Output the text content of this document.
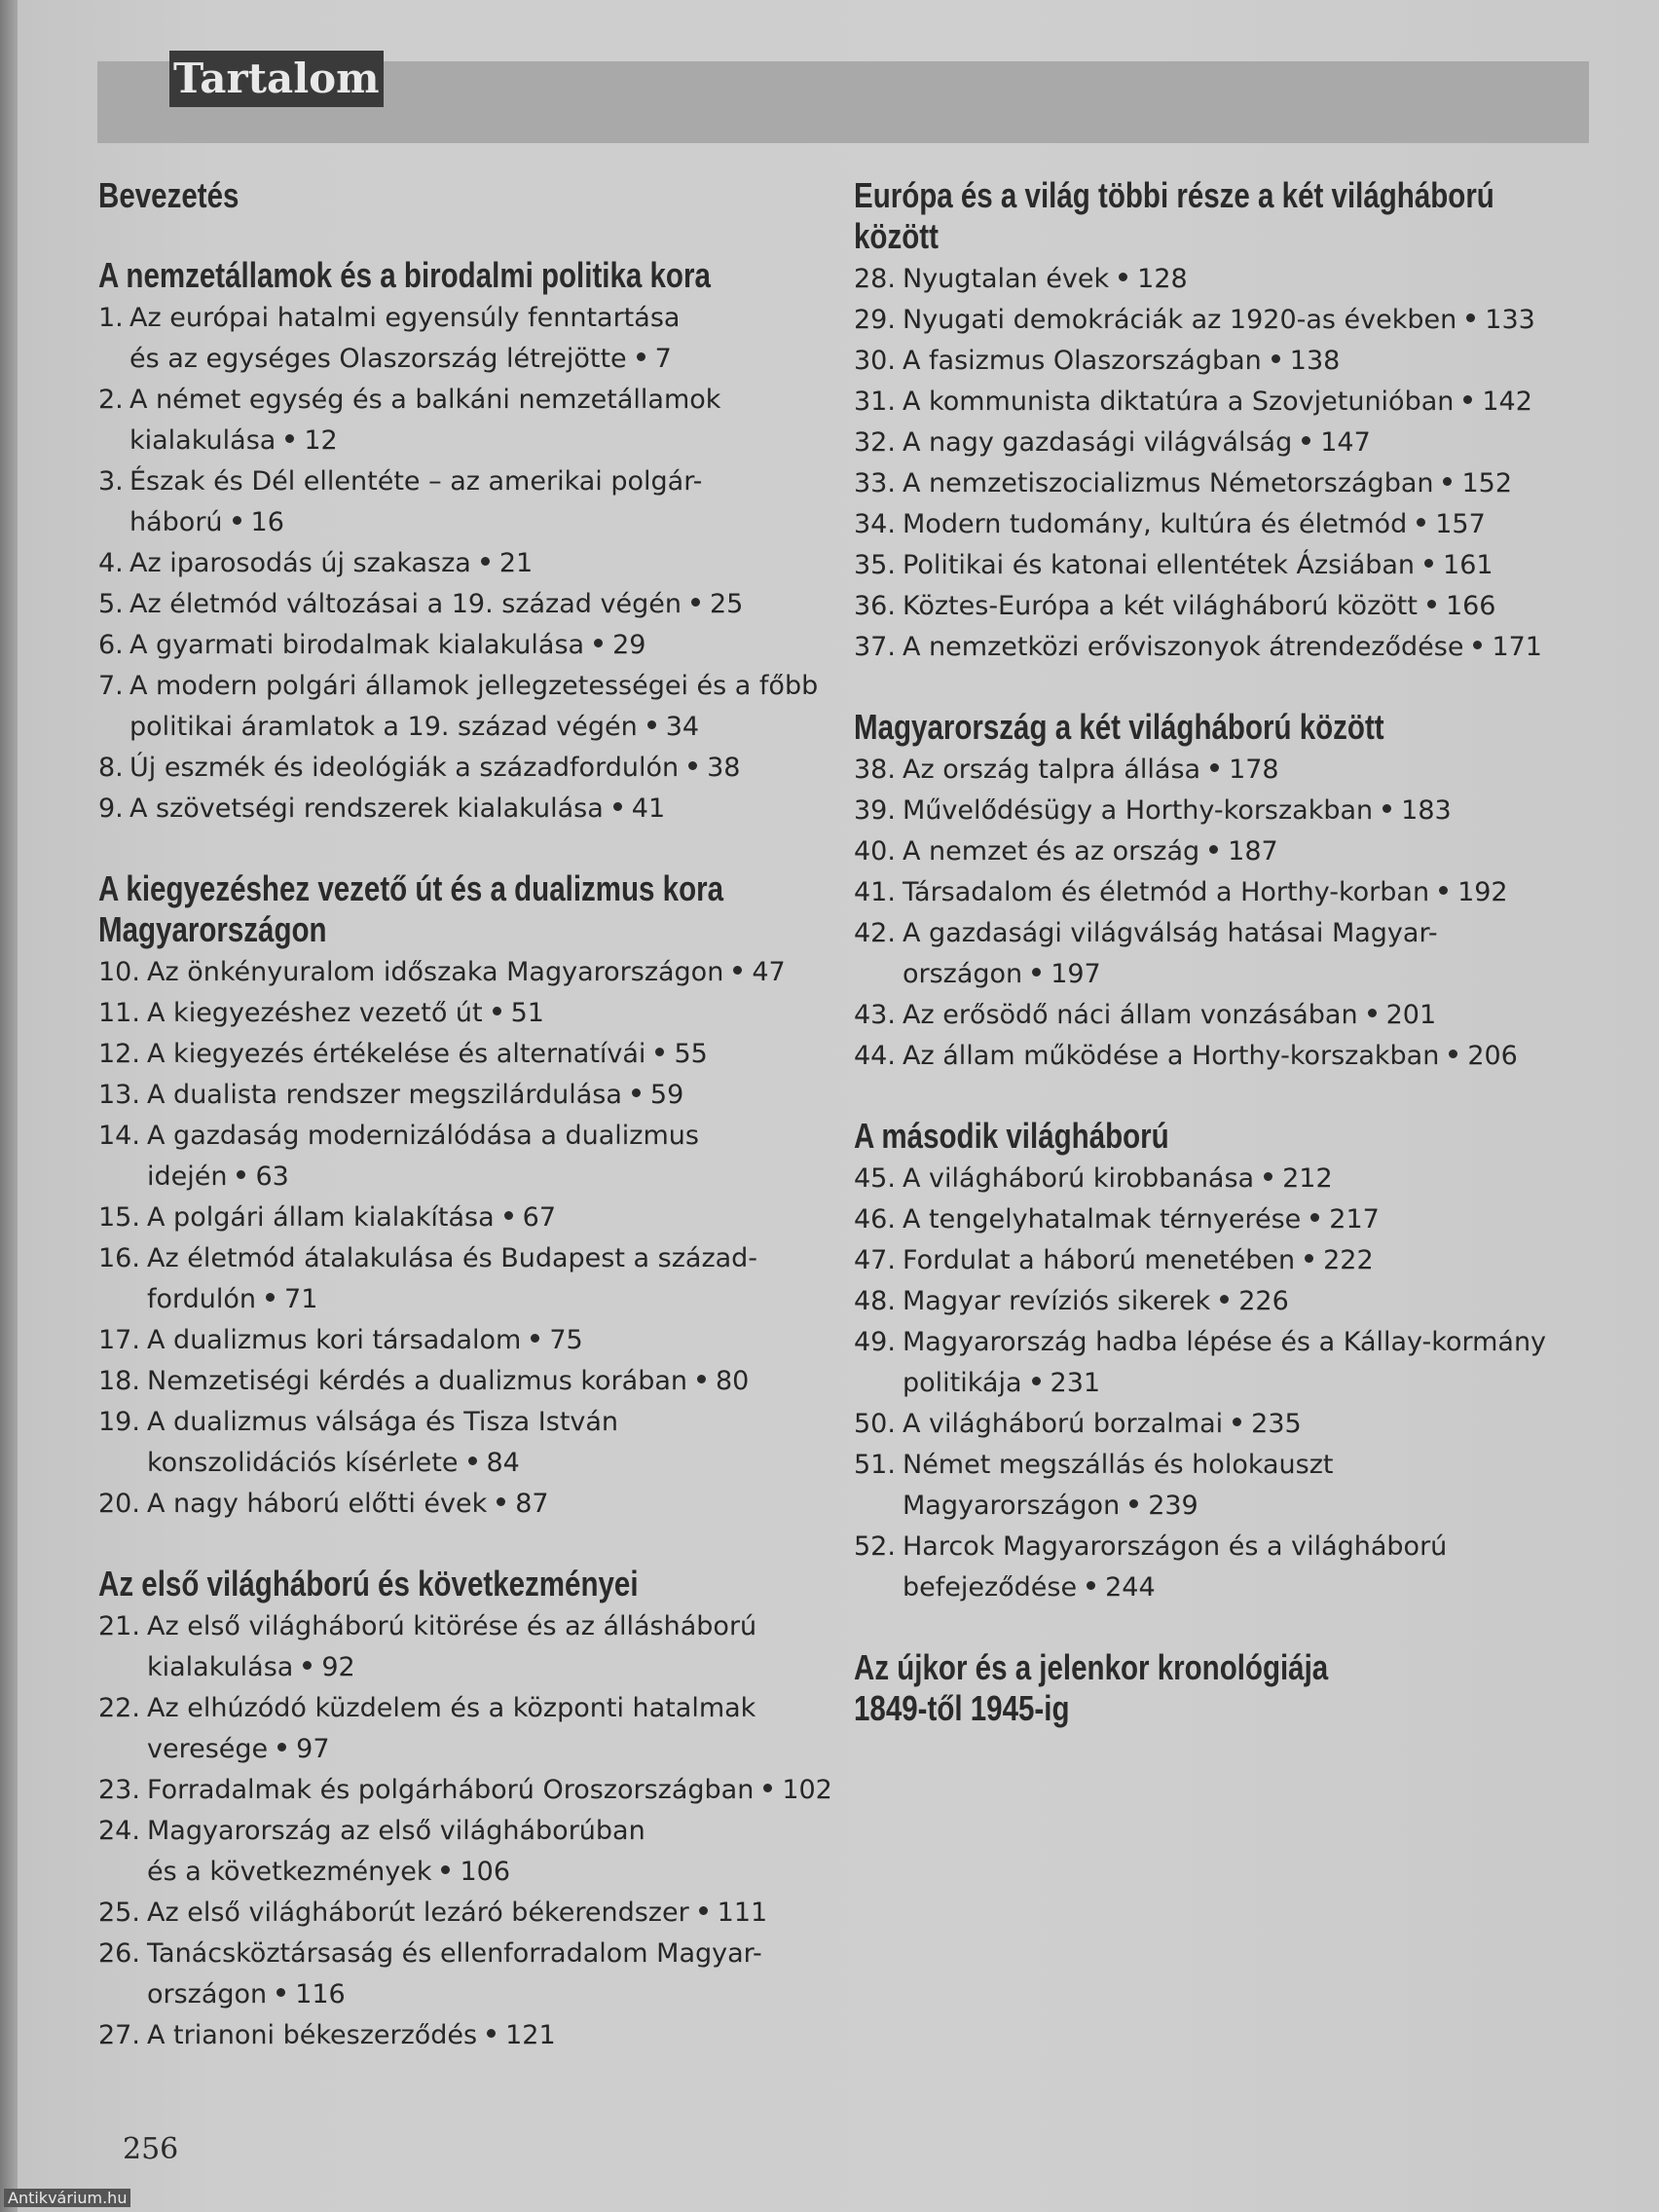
Tartalom
Bevezetés
A nemzetállamok és a birodalmi politika kora
1. Az európai hatalmi egyensúly fenntartása
és az egységes Olaszország létrejötte 7
2. A német egység és a balkáni nemzetállamok
kialakulása 12
3. Észak és Dél ellentéte – az amerikai polgár-
háború 16
4. Az iparosodás új szakasza 21
5. Az életmód változásai a 19. század végén 25
6. A gyarmati birodalmak kialakulása 29
7. A modern polgári államok jellegzetességei és a főbb
politikai áramlatok a 19. század végén 34
8. Új eszmék és ideológiák a századfordulón 38
9. A szövetségi rendszerek kialakulása 41
A kiegyezéshez vezető út és a dualizmus kora
Magyarországon
10. Az önkényuralom időszaka Magyarországon 47
11. A kiegyezéshez vezető út 51
12. A kiegyezés értékelése és alternatívái 55
13. A dualista rendszer megszilárdulása 59
14. A gazdaság modernizálódása a dualizmus
idején 63
15. A polgári állam kialakítása 67
16. Az életmód átalakulása és Budapest a század-
fordulón 71
17. A dualizmus kori társadalom 75
18. Nemzetiségi kérdés a dualizmus korában 80
19. A dualizmus válsága és Tisza István
konszolidációs kísérlete 84
20. A nagy háború előtti évek 87
Az első világháború és következményei
21. Az első világháború kitörése és az állásháború
kialakulása 92
22. Az elhúzódó küzdelem és a központi hatalmak
veresége 97
23. Forradalmak és polgárháború Oroszországban 102
24. Magyarország az első világháborúban
és a következmények 106
25. Az első világháborút lezáró békerendszer 111
26. Tanácsköztársaság és ellenforradalom Magyar-
országon 116
27. A trianoni békeszerződés 121
Európa és a világ többi része a két világháború
között
28. Nyugtalan évek 128
29. Nyugati demokráciák az 1920-as években 133
30. A fasizmus Olaszországban 138
31. A kommunista diktatúra a Szovjetunióban 142
32. A nagy gazdasági világválság 147
33. A nemzetiszocializmus Németországban 152
34. Modern tudomány, kultúra és életmód 157
35. Politikai és katonai ellentétek Ázsiában 161
36. Köztes-Európa a két világháború között 166
37. A nemzetközi erőviszonyok átrendeződése 171
Magyarország a két világháború között
38. Az ország talpra állása 178
39. Művelődésügy a Horthy-korszakban 183
40. A nemzet és az ország 187
41. Társadalom és életmód a Horthy-korban 192
42. A gazdasági világválság hatásai Magyar-
országon 197
43. Az erősödő náci állam vonzásában 201
44. Az állam működése a Horthy-korszakban 206
A második világháború
45. A világháború kirobbanása 212
46. A tengelyhatalmak térnyerése 217
47. Fordulat a háború menetében 222
48. Magyar revíziós sikerek 226
49. Magyarország hadba lépése és a Kállay-kormány
politikája 231
50. A világháború borzalmai 235
51. Német megszállás és holokauszt
Magyarországon 239
52. Harcok Magyarországon és a világháború
befejeződése 244
Az újkor és a jelenkor kronológiája
1849-től 1945-ig
256
Antikvárium.hu
